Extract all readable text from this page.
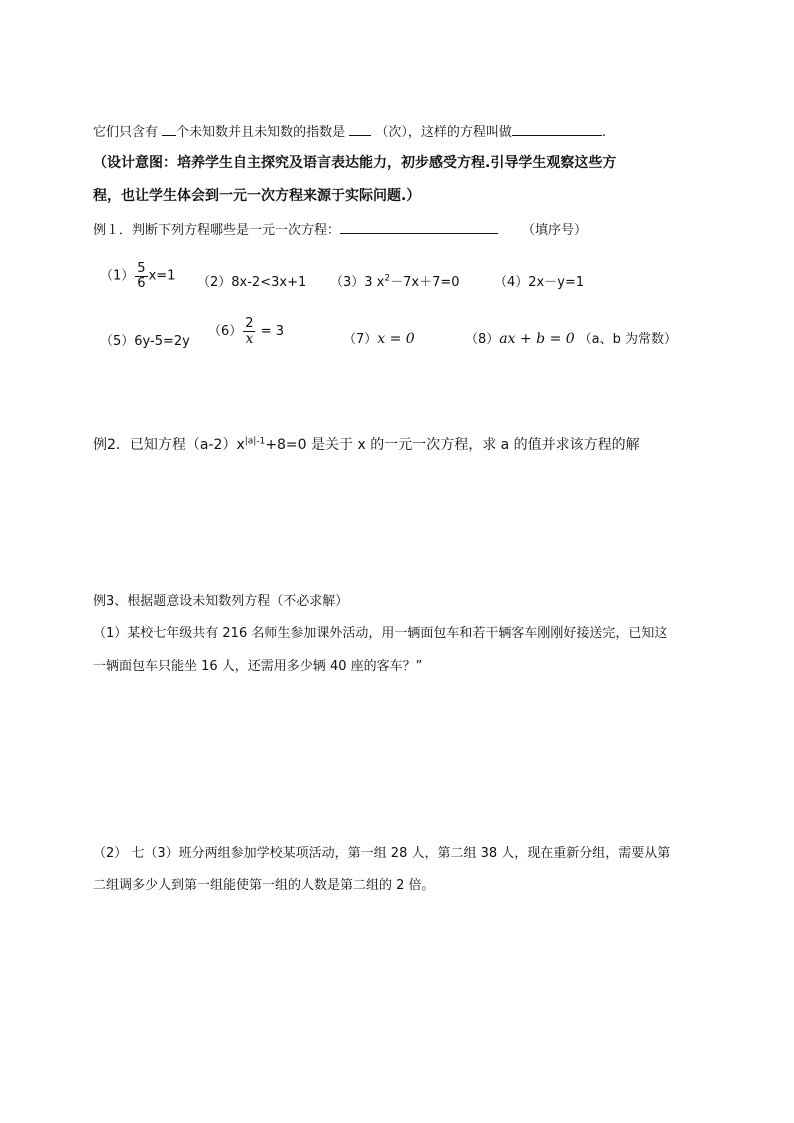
它们只含有 个未知数并且未知数的指数是  （次），这样的方程叫做	.
（设计意图：培养学生自主探究及语言表达能力，初步感受方程.引导学生观察这些方
程，也让学生体会到一元一次方程来源于实际问题.）
例１．判断下列方程哪些是一元一次方程：	（填序号）
$(1) \frac{5}{6} x=1$ （2）8x-2<3x+1 （3）3 $x^2-7x+7=0$	（4）2x－y=1
（5）6y-5=2y
$(6) \frac{2}{x} = 3$
（7）x = 0	（8）ax + b = 0 （a、b 为常数）
例2．已知方程$(a-2)x^{|a|-1}+8=0$ 是关于 x 的一元一次方程，求 a 的值并求该方程的解
例3、根据题意设未知数列方程（不必求解）
（1）某校七年级共有 216 名师生参加课外活动，用一辆面包车和若干辆客车刚刚好接送完，已知这
一辆面包车只能坐 16 人，还需用多少辆 40 座的客车？”
（2） 七（3）班分两组参加学校某项活动，第一组 28 人，第二组 38 人，现在重新分组，需要从第
二组调多少人到第一组能使第一组的人数是第二组的 2 倍。
